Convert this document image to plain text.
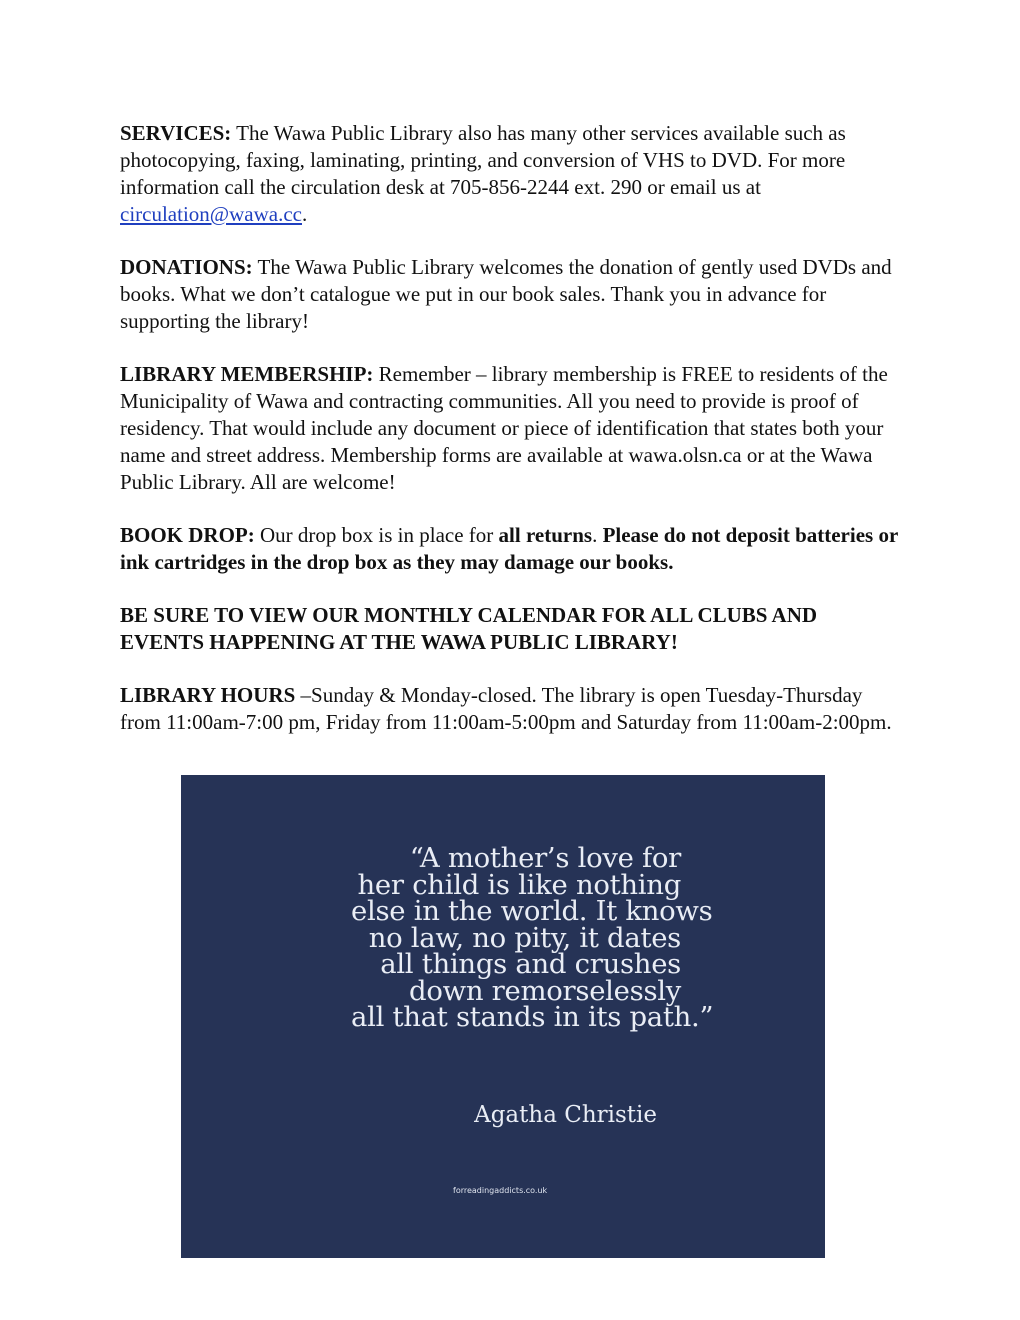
SERVICES: The Wawa Public Library also has many other services available such as photocopying, faxing, laminating, printing, and conversion of VHS to DVD. For more information call the circulation desk at 705-856-2244 ext. 290 or email us at circulation@wawa.cc.

DONATIONS: The Wawa Public Library welcomes the donation of gently used DVDs and books. What we don’t catalogue we put in our book sales. Thank you in advance for supporting the library!

LIBRARY MEMBERSHIP: Remember – library membership is FREE to residents of the Municipality of Wawa and contracting communities. All you need to provide is proof of residency. That would include any document or piece of identification that states both your name and street address. Membership forms are available at wawa.olsn.ca or at the Wawa Public Library. All are welcome!

BOOK DROP: Our drop box is in place for all returns. Please do not deposit batteries or ink cartridges in the drop box as they may damage our books.

BE SURE TO VIEW OUR MONTHLY CALENDAR FOR ALL CLUBS AND EVENTS HAPPENING AT THE WAWA PUBLIC LIBRARY!

LIBRARY HOURS –Sunday & Monday-closed. The library is open Tuesday-Thursday from 11:00am-7:00 pm, Friday from 11:00am-5:00pm and Saturday from 11:00am-2:00pm.

“A mother’s love for
her child is like nothing
else in the world. It knows
no law, no pity, it dates
all things and crushes
down remorselessly
all that stands in its path.”
Agatha Christie
forreadingaddicts.co.uk
